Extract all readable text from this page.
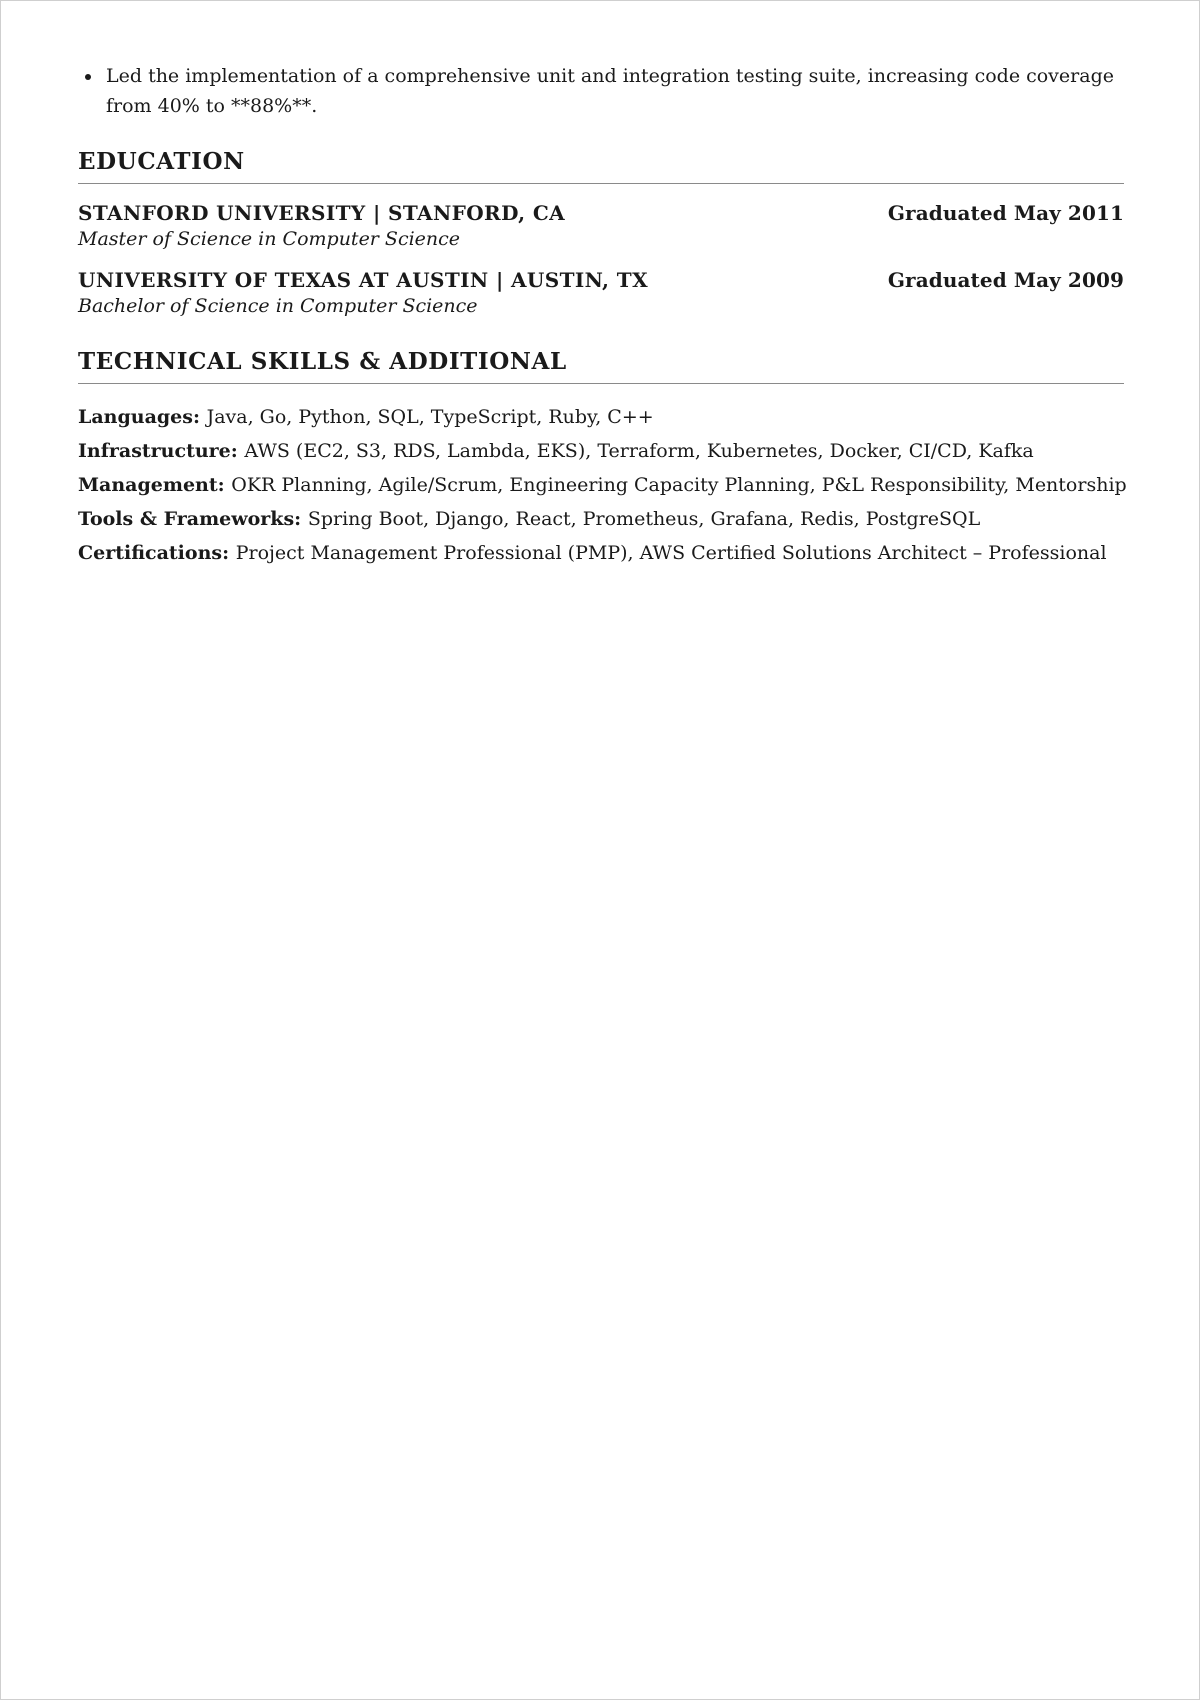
Led the implementation of a comprehensive unit and integration testing suite, increasing code coverage from 40% to **88%**.
EDUCATION
STANFORD UNIVERSITY | STANFORD, CA	Graduated May 2011
Master of Science in Computer Science
UNIVERSITY OF TEXAS AT AUSTIN | AUSTIN, TX	Graduated May 2009
Bachelor of Science in Computer Science
TECHNICAL SKILLS & ADDITIONAL
Languages: Java, Go, Python, SQL, TypeScript, Ruby, C++
Infrastructure: AWS (EC2, S3, RDS, Lambda, EKS), Terraform, Kubernetes, Docker, CI/CD, Kafka
Management: OKR Planning, Agile/Scrum, Engineering Capacity Planning, P&L Responsibility, Mentorship
Tools & Frameworks: Spring Boot, Django, React, Prometheus, Grafana, Redis, PostgreSQL
Certifications: Project Management Professional (PMP), AWS Certified Solutions Architect – Professional
